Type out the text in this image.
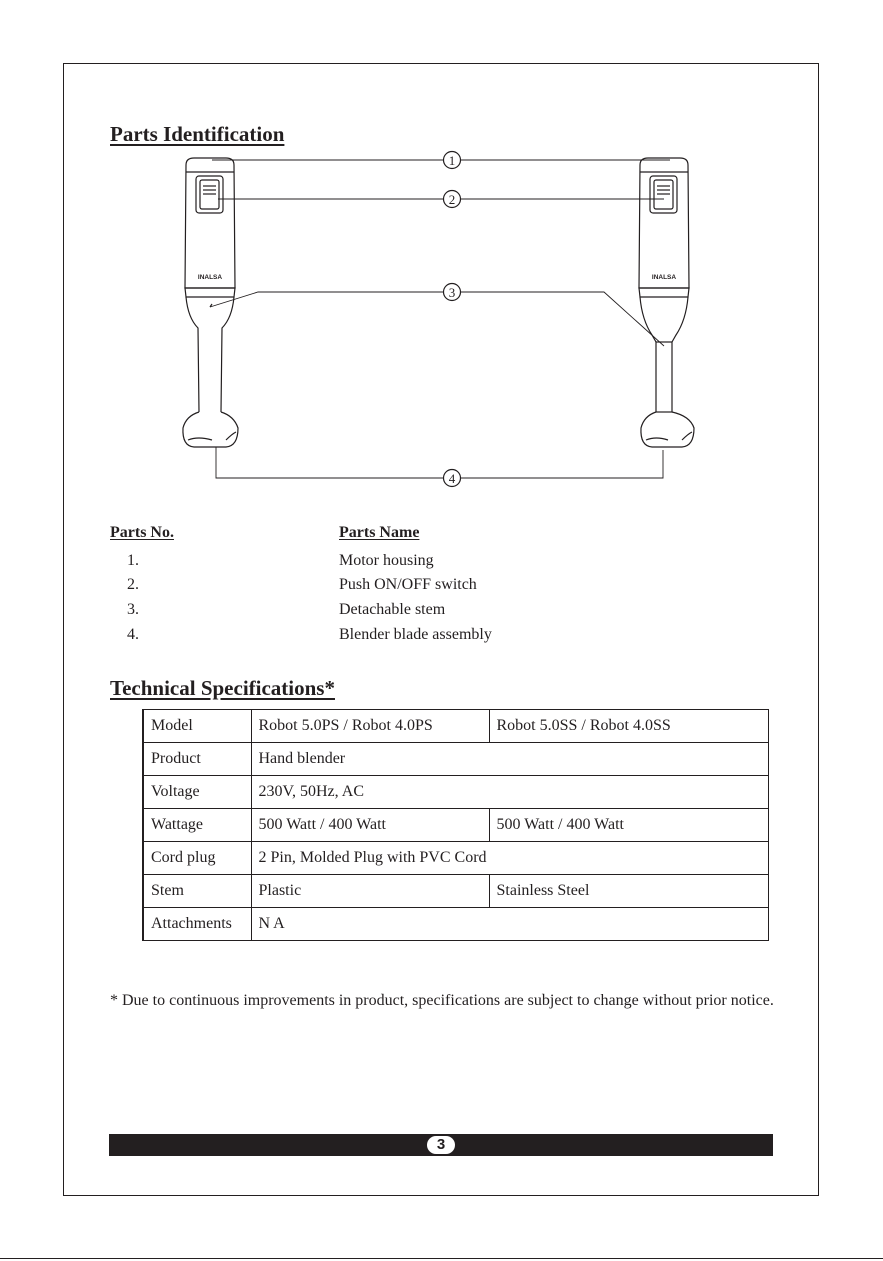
Parts Identification
INALSA	INALSA
1
2
3
4
Parts No.	Parts Name
1.	Motor housing
2.	Push ON/OFF switch
3.	Detachable stem
4.	Blender blade assembly
Technical Specifications*
Model	Robot 5.0PS / Robot 4.0PS	Robot 5.0SS / Robot 4.0SS
Product	Hand blender	
Voltage	230V, 50Hz, AC	
Wattage	500 Watt / 400 Watt	500 Watt / 400 Watt
Cord plug	2 Pin, Molded Plug with PVC Cord	
Stem	Plastic	Stainless Steel
Attachments	N A	

* Due to continuous improvements in product, specifications are subject to change without prior notice.

3
